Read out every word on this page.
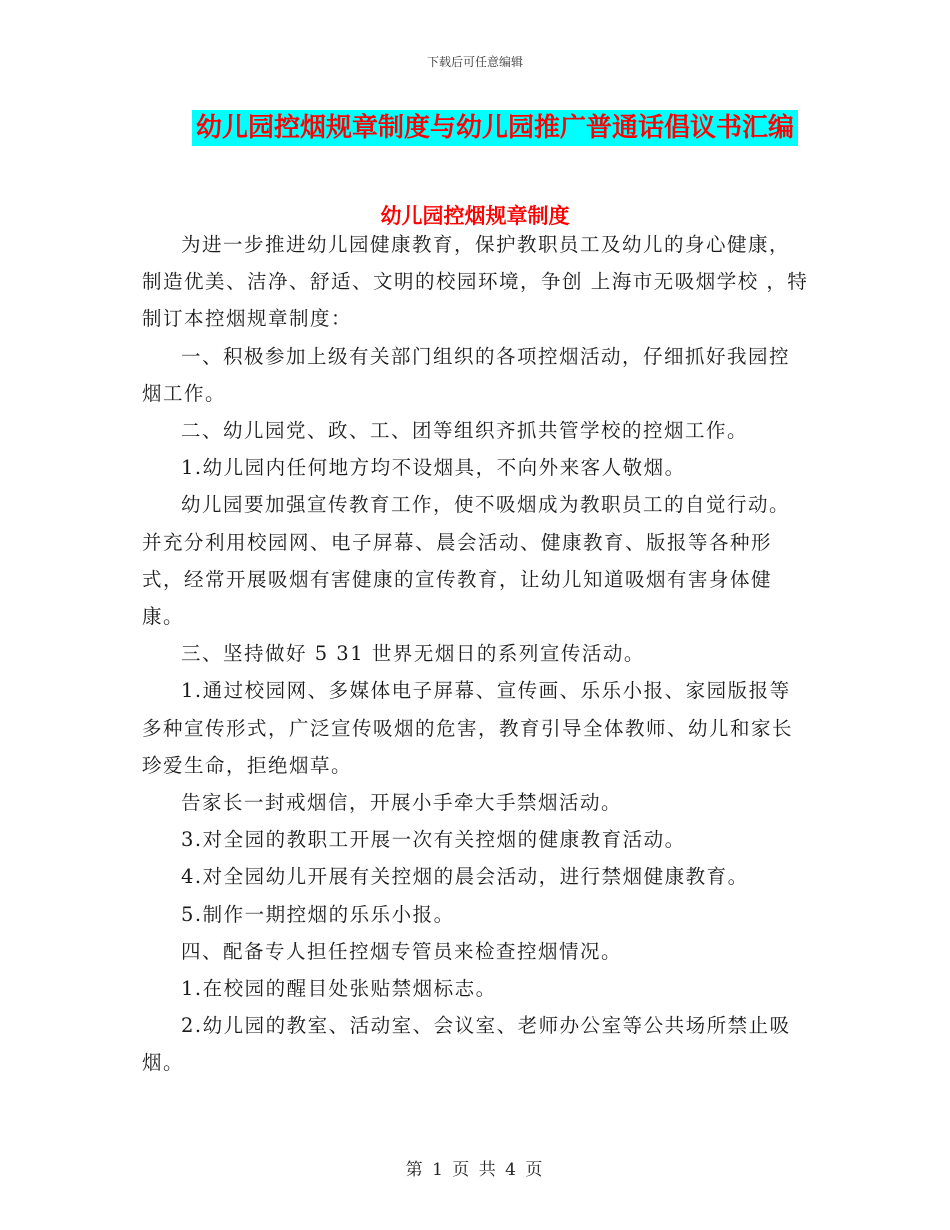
下载后可任意编辑
幼儿园控烟规章制度与幼儿园推广普通话倡议书汇编
幼儿园控烟规章制度

为进一步推进幼儿园健康教育，保护教职员工及幼儿的身心健康，制造优美、洁净、舒适、文明的校园环境，争创 上海市无吸烟学校 ，特制订本控烟规章制度：

一、积极参加上级有关部门组织的各项控烟活动，仔细抓好我园控烟工作。

二、幼儿园党、政、工、团等组织齐抓共管学校的控烟工作。

1.幼儿园内任何地方均不设烟具，不向外来客人敬烟。

幼儿园要加强宣传教育工作，使不吸烟成为教职员工的自觉行动。并充分利用校园网、电子屏幕、晨会活动、健康教育、版报等各种形式，经常开展吸烟有害健康的宣传教育，让幼儿知道吸烟有害身体健康。

三、坚持做好 5 31 世界无烟日的系列宣传活动。

1.通过校园网、多媒体电子屏幕、宣传画、乐乐小报、家园版报等多种宣传形式，广泛宣传吸烟的危害，教育引导全体教师、幼儿和家长珍爱生命，拒绝烟草。

告家长一封戒烟信，开展小手牵大手禁烟活动。

3.对全园的教职工开展一次有关控烟的健康教育活动。

4.对全园幼儿开展有关控烟的晨会活动，进行禁烟健康教育。

5.制作一期控烟的乐乐小报。

四、配备专人担任控烟专管员来检查控烟情况。

1.在校园的醒目处张贴禁烟标志。

2.幼儿园的教室、活动室、会议室、老师办公室等公共场所禁止吸烟。

第 1 页 共 4 页
